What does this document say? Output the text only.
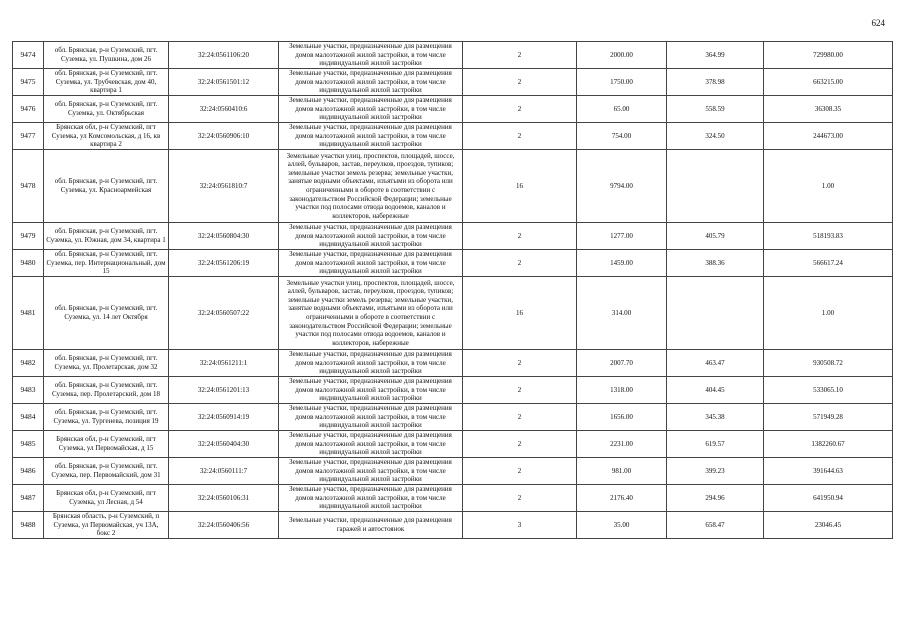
624
9474	обл. Брянская, р-н Суземский, пгт. Суземка, ул. Пушкина, дом 26	32:24:0561106:20	Земельные участки, предназначенные для размещения домов малоэтажной жилой застройки, в том числе индивидуальной жилой застройки	2	2000.00	364.99	729980.00
9475	обл. Брянская, р-н Суземский, пгт. Суземка, ул. Трубчевская, дом 40, квартира 1	32:24:0561501:12	Земельные участки, предназначенные для размещения домов малоэтажной жилой застройки, в том числе индивидуальной жилой застройки	2	1750.00	378.98	663215.00
9476	обл. Брянская, р-н Суземский, пгт. Суземка, ул. Октябрьская	32:24:0560410:6	Земельные участки, предназначенные для размещения домов малоэтажной жилой застройки, в том числе индивидуальной жилой застройки	2	65.00	558.59	36308.35
9477	Брянская обл, р-н Суземский, пгт Суземка, ул Комсомольская, д 16, кв квартира 2	32:24:0560906:10	Земельные участки, предназначенные для размещения домов малоэтажной жилой застройки, в том числе индивидуальной жилой застройки	2	754.00	324.50	244673.00
9478	обл. Брянская, р-н Суземский, пгт. Суземка, ул. Красноармейская	32:24:0561810:7	Земельные участки улиц, проспектов, площадей, шоссе, аллей, бульваров, застав, переулков, проездов, тупиков; земельные участки земель резерва; земельные участки, занятые водными объектами, изъятыми из оборота или ограниченными в обороте в соответствии с законодательством Российской Федерации; земельные участки под полосами отвода водоемов, каналов и коллекторов, набережные	16	9794.00		1.00
9479	обл. Брянская, р-н Суземский, пгт. Суземка, ул. Южная, дом 34, квартира 1	32:24:0560804:30	Земельные участки, предназначенные для размещения домов малоэтажной жилой застройки, в том числе индивидуальной жилой застройки	2	1277.00	405.79	518193.83
9480	обл. Брянская, р-н Суземский, пгт. Суземка, пер. Интернациональный, дом 15	32:24:0561206:19	Земельные участки, предназначенные для размещения домов малоэтажной жилой застройки, в том числе индивидуальной жилой застройки	2	1459.00	388.36	566617.24
9481	обл. Брянская, р-н Суземский, пгт. Суземка, ул. 14 лет Октября	32:24:0560507:22	Земельные участки улиц, проспектов, площадей, шоссе, аллей, бульваров, застав, переулков, проездов, тупиков; земельные участки земель резерва; земельные участки, занятые водными объектами, изъятыми из оборота или ограниченными в обороте в соответствии с законодательством Российской Федерации; земельные участки под полосами отвода водоемов, каналов и коллекторов, набережные	16	314.00		1.00
9482	обл. Брянская, р-н Суземский, пгт. Суземка, ул. Пролетарская, дом 32	32:24:0561211:1	Земельные участки, предназначенные для размещения домов малоэтажной жилой застройки, в том числе индивидуальной жилой застройки	2	2007.70	463.47	930508.72
9483	обл. Брянская, р-н Суземский, пгт. Суземка, пер. Пролетарский, дом 18	32:24:0561201:13	Земельные участки, предназначенные для размещения домов малоэтажной жилой застройки, в том числе индивидуальной жилой застройки	2	1318.00	404.45	533065.10
9484	обл. Брянская, р-н Суземский, пгт. Суземка, ул. Тургенева, позиция 19	32:24:0560914:19	Земельные участки, предназначенные для размещения домов малоэтажной жилой застройки, в том числе индивидуальной жилой застройки	2	1656.00	345.38	571949.28
9485	Брянская обл, р-н Суземский, пгт Суземка, ул Первомайская, д 15	32:24:0560404:30	Земельные участки, предназначенные для размещения домов малоэтажной жилой застройки, в том числе индивидуальной жилой застройки	2	2231.00	619.57	1382260.67
9486	обл. Брянская, р-н Суземский, пгт. Суземка, пер. Первомайский, дом 31	32:24:0560111:7	Земельные участки, предназначенные для размещения домов малоэтажной жилой застройки, в том числе индивидуальной жилой застройки	2	981.00	399.23	391644.63
9487	Брянская обл, р-н Суземский, пгт Суземка, ул Лесная, д 54	32:24:0560106:31	Земельные участки, предназначенные для размещения домов малоэтажной жилой застройки, в том числе индивидуальной жилой застройки	2	2176.40	294.96	641950.94
9488	Брянская область, р-н Суземский, п Суземка, ул Первомайская, уч 13А, бокс 2	32:24:0560406:56	Земельные участки, предназначенные для размещения гаражей и автостоянок	3	35.00	658.47	23046.45
